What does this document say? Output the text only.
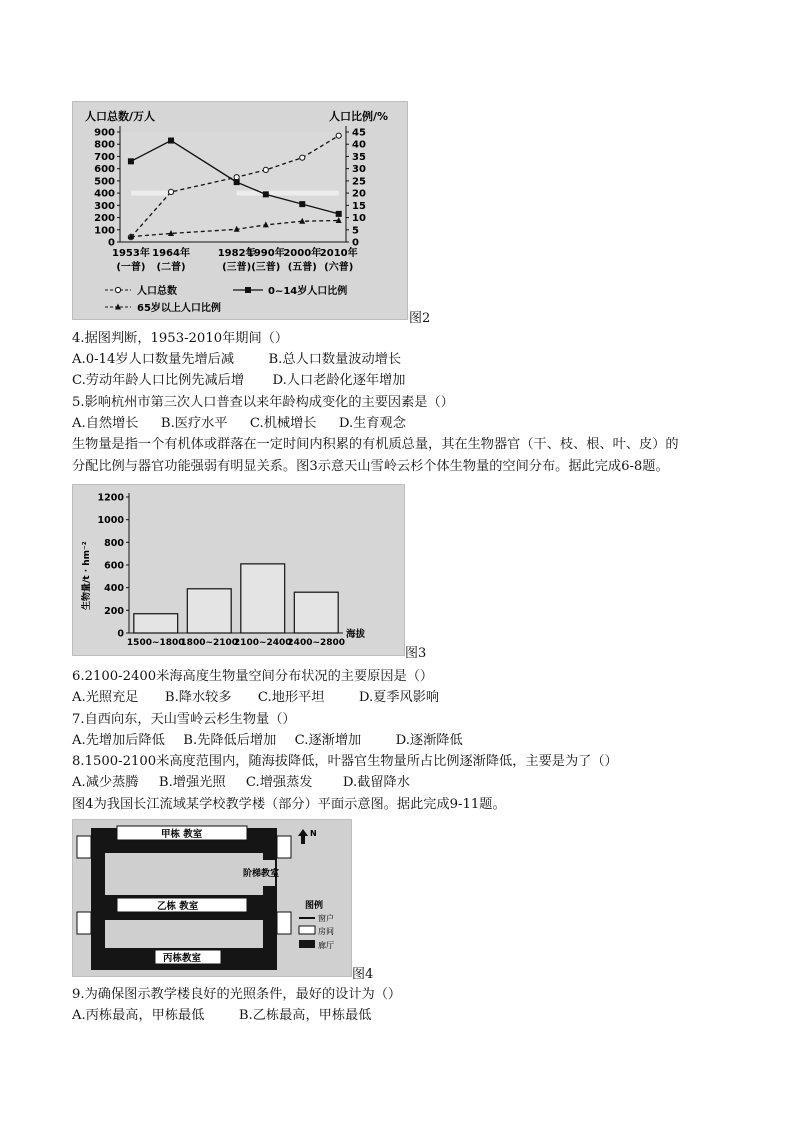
人口总数/万人	人口比例/%
0
100
200
300
400
500
600
700
800
900
0
5
10
15
20
25
30
35
40
45
1953年
(一普)
1964年
(二普)
1982年
(三普)
1990年
(三普)
2000年
(五普)
2010年
(六普)
人口总数	0~14岁人口比例
65岁以上人口比例
图2
4.据图判断，1953-2010年期间（）
A.0-14岁人口数量先增后减	B.总人口数量波动增长
C.劳动年龄人口比例先减后增 D.人口老龄化逐年增加
5.影响杭州市第三次人口普查以来年龄构成变化的主要因素是（）
A.自然增长 B.医疗水平 C.机械增长 D.生育观念
生物量是指一个有机体或群落在一定时间内积累的有机质总量，其在生物器官（干、枝、根、叶、皮）的
分配比例与器官功能强弱有明显关系。图3示意天山雪岭云杉个体生物量的空间分布。据此完成6-8题。
生物量/t · hm⁻²
海拔
0
200
400
600
800
1000
1200
1500~1800
1800~2100
2100~2400
2400~2800
图3
6.2100-2400米海高度生物量空间分布状况的主要原因是（）
A.光照充足 B.降水较多 C.地形平坦	D.夏季风影响
7.自西向东，天山雪岭云杉生物量（）
A.先增加后降低 B.先降低后增加 C.逐渐增加	D.逐渐降低
8.1500-2100米高度范围内，随海拔降低，叶器官生物量所占比例逐渐降低，主要是为了（）
A.减少蒸腾 B.增强光照 C.增强蒸发 D.截留降水
图4为我国长江流域某学校教学楼（部分）平面示意图。据此完成9-11题。
甲栋 教室
阶梯教室
乙栋 教室
丙栋教室
N
图例
窗户
房间
廊厅
图4
9.为确保图示教学楼良好的光照条件，最好的设计为（）
A.丙栋最高，甲栋最低	B.乙栋最高，甲栋最低
